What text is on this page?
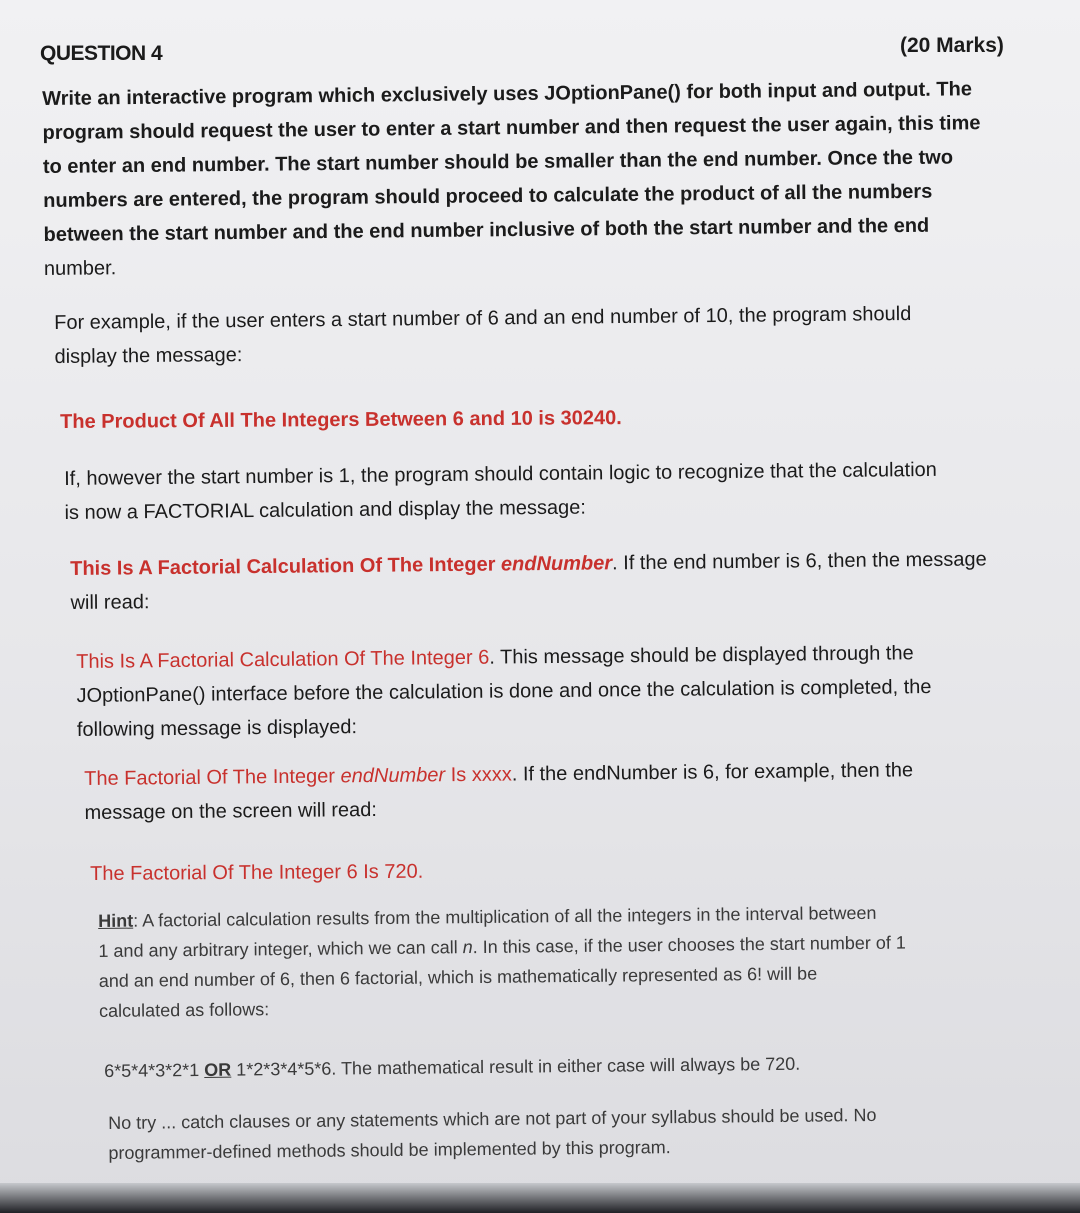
QUESTION 4	(20 Marks)
Write an interactive program which exclusively uses JOptionPane() for both input and output. The
program should request the user to enter a start number and then request the user again, this time
to enter an end number. The start number should be smaller than the end number. Once the two
numbers are entered, the program should proceed to calculate the product of all the numbers
between the start number and the end number inclusive of both the start number and the end
number.
For example, if the user enters a start number of 6 and an end number of 10, the program should
display the message:
The Product Of All The Integers Between 6 and 10 is 30240.
If, however the start number is 1, the program should contain logic to recognize that the calculation
is now a FACTORIAL calculation and display the message:
This Is A Factorial Calculation Of The Integer endNumber. If the end number is 6, then the message
will read:
This Is A Factorial Calculation Of The Integer 6. This message should be displayed through the
JOptionPane() interface before the calculation is done and once the calculation is completed, the
following message is displayed:
The Factorial Of The Integer endNumber Is xxxx. If the endNumber is 6, for example, then the
message on the screen will read:
The Factorial Of The Integer 6 Is 720.
Hint: A factorial calculation results from the multiplication of all the integers in the interval between
1 and any arbitrary integer, which we can call n. In this case, if the user chooses the start number of 1
and an end number of 6, then 6 factorial, which is mathematically represented as 6! will be
calculated as follows:
6*5*4*3*2*1 OR 1*2*3*4*5*6. The mathematical result in either case will always be 720.
No try ... catch clauses or any statements which are not part of your syllabus should be used. No
programmer-defined methods should be implemented by this program.
